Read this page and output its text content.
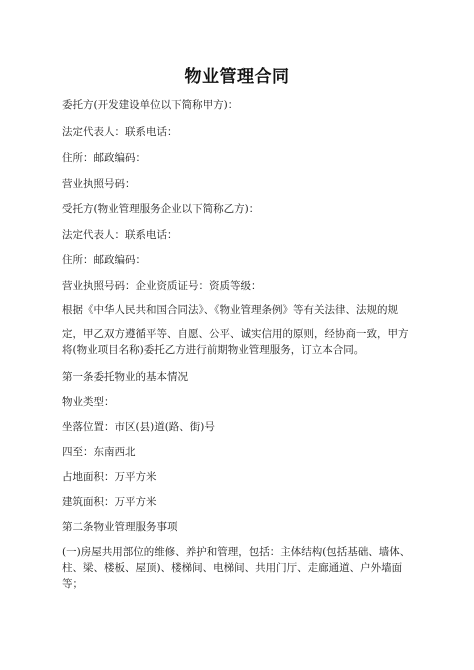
物业管理合同
委托方(开发建设单位以下简称甲方)：
法定代表人：联系电话：
住所：邮政编码：
营业执照号码：
受托方(物业管理服务企业以下简称乙方)：
法定代表人：联系电话：
住所：邮政编码：
营业执照号码：企业资质证号：资质等级：
根据《中华人民共和国合同法》、《物业管理条例》等有关法律、法规的规
定，甲乙双方遵循平等、自愿、公平、诚实信用的原则，经协商一致，甲方将(物业项目名称)委托乙方进行前期物业管理服务，订立本合同。
第一条委托物业的基本情况
物业类型：
坐落位置：市区(县)道(路、街)号
四至：东南西北
占地面积：万平方米
建筑面积：万平方米
第二条物业管理服务事项
(一)房屋共用部位的维修、养护和管理，包括：主体结构(包括基础、墙体、柱、梁、楼板、屋顶)、楼梯间、电梯间、共用门厅、走廊通道、户外墙面等；
